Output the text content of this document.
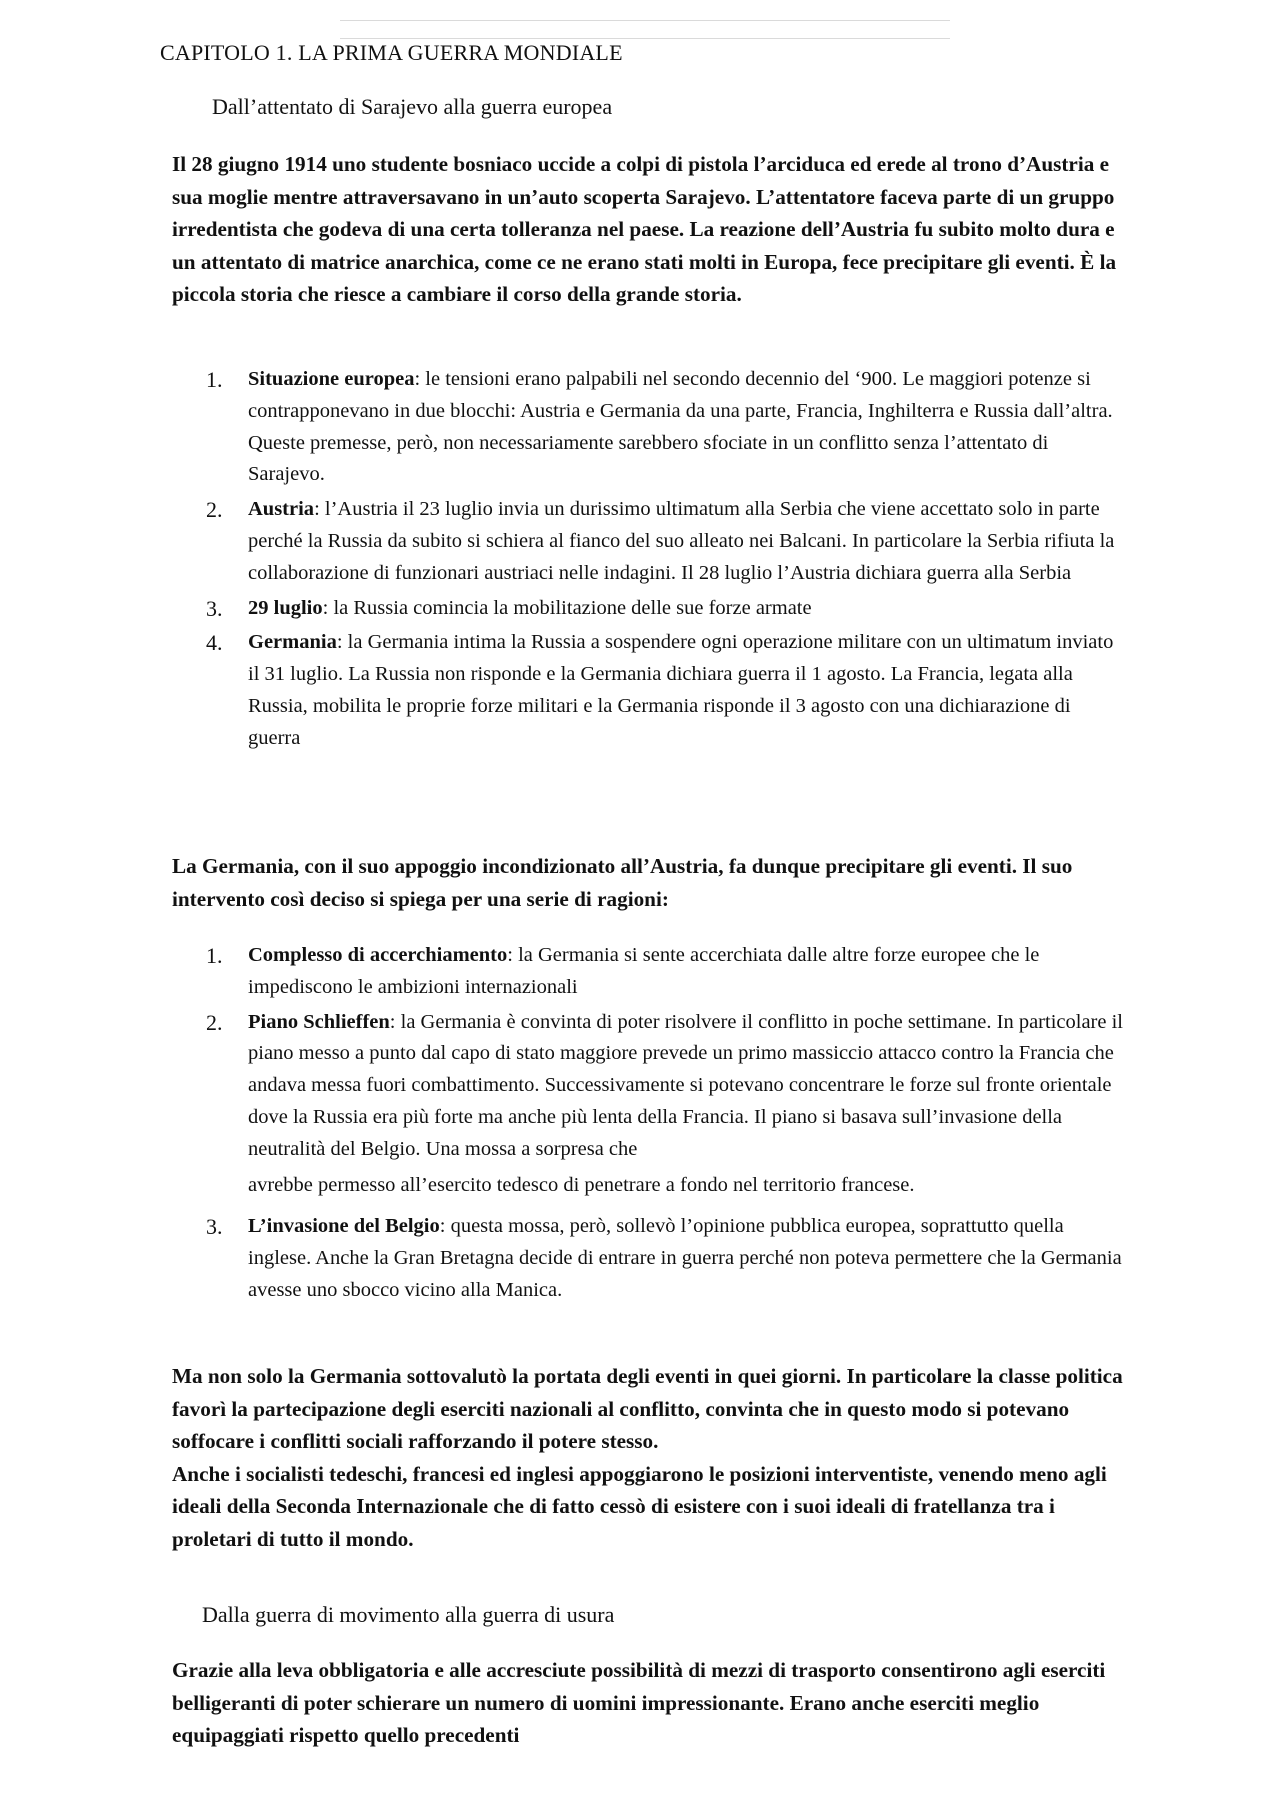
CAPITOLO 1. LA PRIMA GUERRA MONDIALE
Dall’attentato di Sarajevo alla guerra europea

Il 28 giugno 1914 uno studente bosniaco uccide a colpi di pistola l’arciduca ed erede al trono d’Austria e sua moglie mentre attraversavano in un’auto scoperta Sarajevo. L’attentatore faceva parte di un gruppo irredentista che godeva di una certa tolleranza nel paese. La reazione dell’Austria fu subito molto dura e un attentato di matrice anarchica, come ce ne erano stati molti in Europa, fece precipitare gli eventi. È la piccola storia che riesce a cambiare il corso della grande storia.

1. Situazione europea: le tensioni erano palpabili nel secondo decennio del ‘900. Le maggiori potenze si contrapponevano in due blocchi: Austria e Germania da una parte, Francia, Inghilterra e Russia dall’altra. Queste premesse, però, non necessariamente sarebbero sfociate in un conflitto senza l’attentato di Sarajevo.
2. Austria: l’Austria il 23 luglio invia un durissimo ultimatum alla Serbia che viene accettato solo in parte perché la Russia da subito si schiera al fianco del suo alleato nei Balcani. In particolare la Serbia rifiuta la collaborazione di funzionari austriaci nelle indagini. Il 28 luglio l’Austria dichiara guerra alla Serbia
3. 29 luglio: la Russia comincia la mobilitazione delle sue forze armate
4. Germania: la Germania intima la Russia a sospendere ogni operazione militare con un ultimatum inviato il 31 luglio. La Russia non risponde e la Germania dichiara guerra il 1 agosto. La Francia, legata alla Russia, mobilita le proprie forze militari e la Germania risponde il 3 agosto con una dichiarazione di guerra

La Germania, con il suo appoggio incondizionato all’Austria, fa dunque precipitare gli eventi. Il suo intervento così deciso si spiega per una serie di ragioni:

1. Complesso di accerchiamento: la Germania si sente accerchiata dalle altre forze europee che le impediscono le ambizioni internazionali
2. Piano Schlieffen: la Germania è convinta di poter risolvere il conflitto in poche settimane. In particolare il piano messo a punto dal capo di stato maggiore prevede un primo massiccio attacco contro la Francia che andava messa fuori combattimento. Successivamente si potevano concentrare le forze sul fronte orientale dove la Russia era più forte ma anche più lenta della Francia. Il piano si basava sull’invasione della neutralità del Belgio. Una mossa a sorpresa che
avrebbe permesso all’esercito tedesco di penetrare a fondo nel territorio francese.
3. L’invasione del Belgio: questa mossa, però, sollevò l’opinione pubblica europea, soprattutto quella inglese. Anche la Gran Bretagna decide di entrare in guerra perché non poteva permettere che la Germania avesse uno sbocco vicino alla Manica.

Ma non solo la Germania sottovalutò la portata degli eventi in quei giorni. In particolare la classe politica favorì la partecipazione degli eserciti nazionali al conflitto, convinta che in questo modo si potevano soffocare i conflitti sociali rafforzando il potere stesso.
Anche i socialisti tedeschi, francesi ed inglesi appoggiarono le posizioni interventiste, venendo meno agli ideali della Seconda Internazionale che di fatto cessò di esistere con i suoi ideali di fratellanza tra i proletari di tutto il mondo.

Dalla guerra di movimento alla guerra di usura

Grazie alla leva obbligatoria e alle accresciute possibilità di mezzi di trasporto consentirono agli eserciti belligeranti di poter schierare un numero di uomini impressionante. Erano anche eserciti meglio equipaggiati rispetto quello precedenti
